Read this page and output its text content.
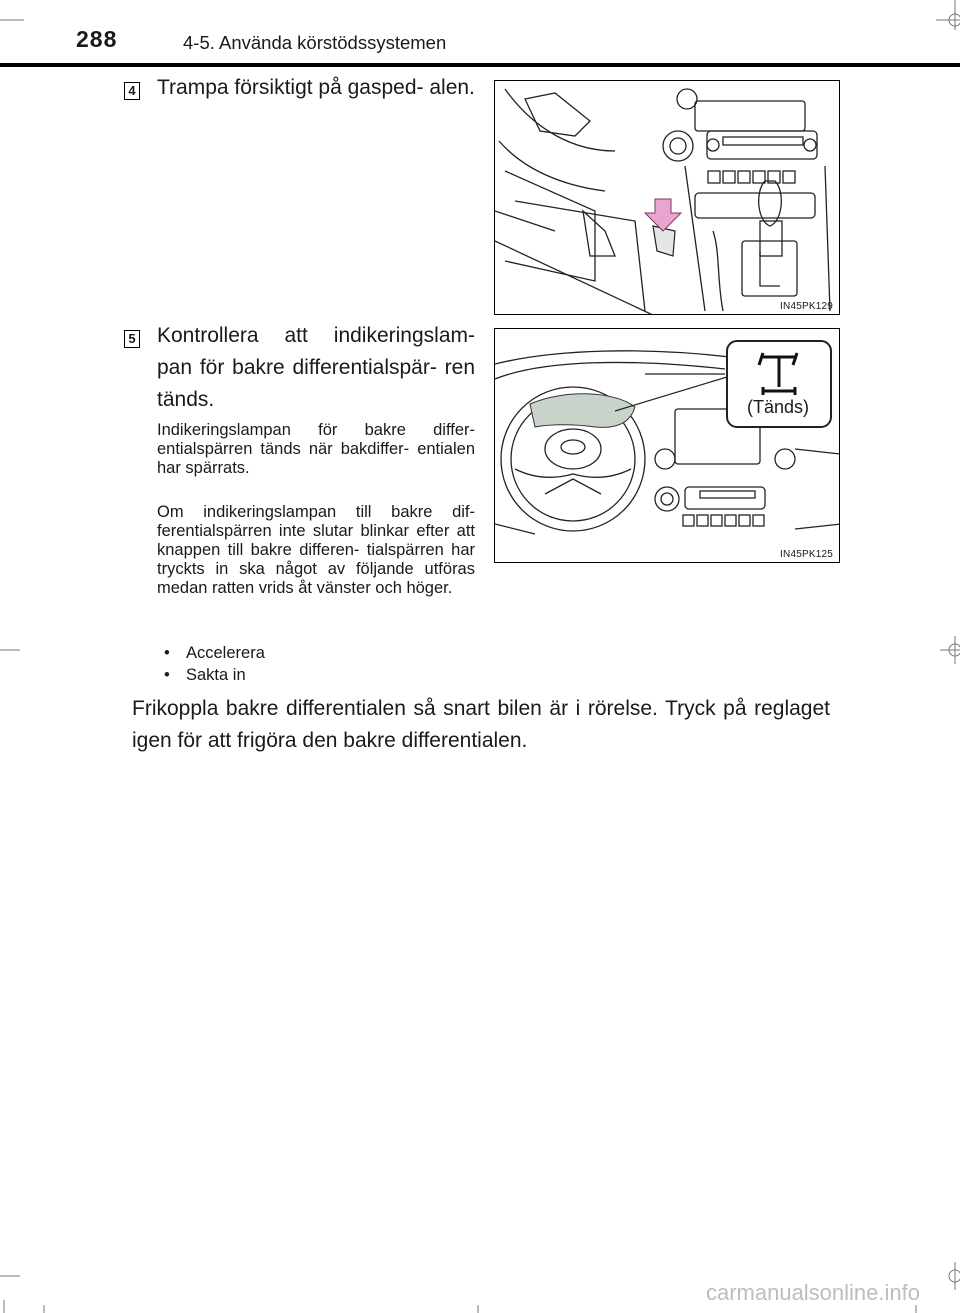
288	4-5. Använda körstödssystemen
4 Trampa försiktigt på gasped- alen.
IN45PK129
5 Kontrollera att indikeringslam- pan för bakre differentialspär- ren tänds.
Indikeringslampan för bakre differ- entialspärren tänds när bakdiffer- entialen har spärrats.
Om indikeringslampan till bakre dif- ferentialspärren inte slutar blinkar efter att knappen till bakre differen- tialspärren har tryckts in ska något av följande utföras medan ratten vrids åt vänster och höger.
• Accelerera
• Sakta in
(Tänds)
IN45PK125
Frikoppla bakre differentialen så snart bilen är i rörelse. Tryck på reglaget igen för att frigöra den bakre differentialen.
carmanualsonline.info
